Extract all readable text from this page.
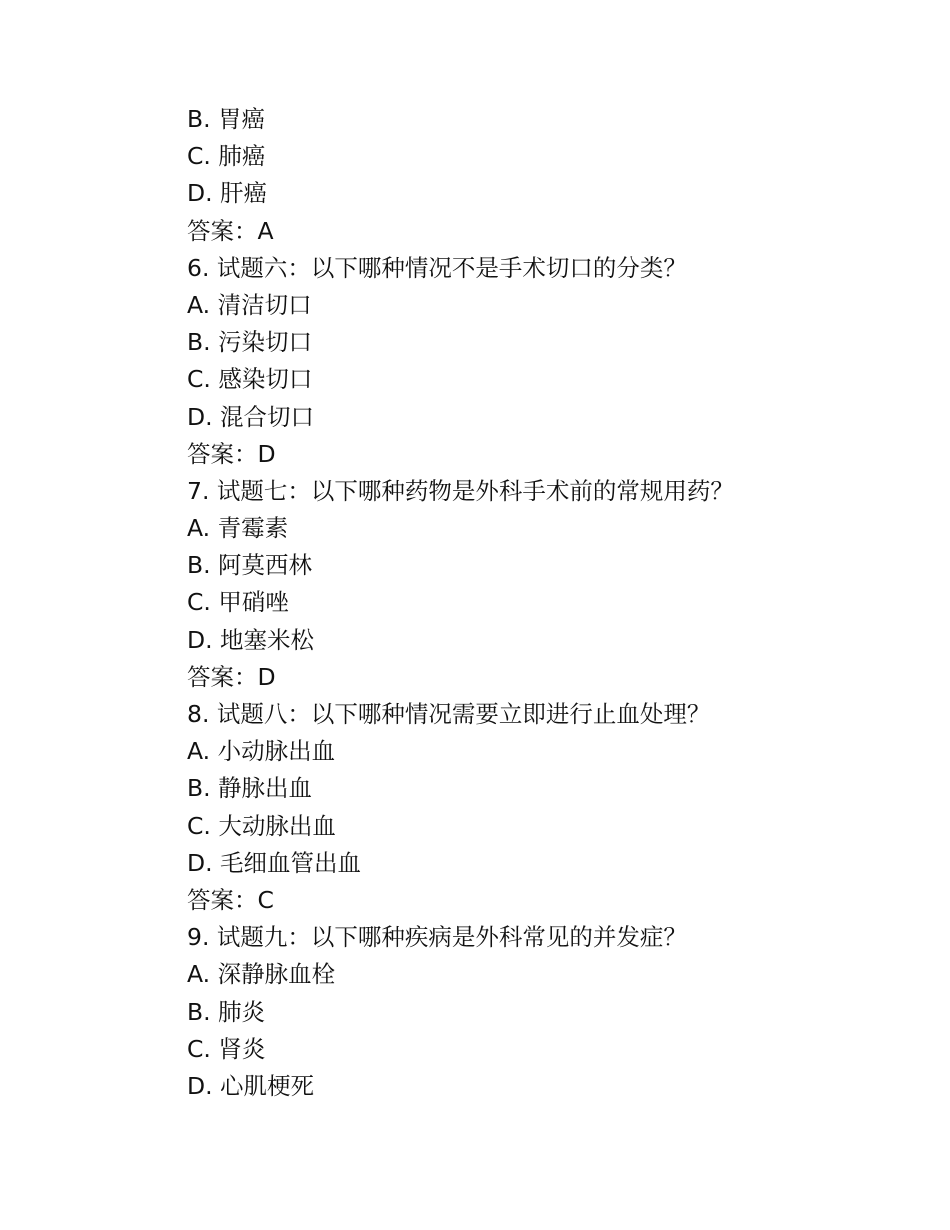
B. 胃癌
C. 肺癌
D. 肝癌
答案：A
6. 试题六：以下哪种情况不是手术切口的分类？
A. 清洁切口
B. 污染切口
C. 感染切口
D. 混合切口
答案：D
7. 试题七：以下哪种药物是外科手术前的常规用药？
A. 青霉素
B. 阿莫西林
C. 甲硝唑
D. 地塞米松
答案：D
8. 试题八：以下哪种情况需要立即进行止血处理？
A. 小动脉出血
B. 静脉出血
C. 大动脉出血
D. 毛细血管出血
答案：C
9. 试题九：以下哪种疾病是外科常见的并发症？
A. 深静脉血栓
B. 肺炎
C. 肾炎
D. 心肌梗死
